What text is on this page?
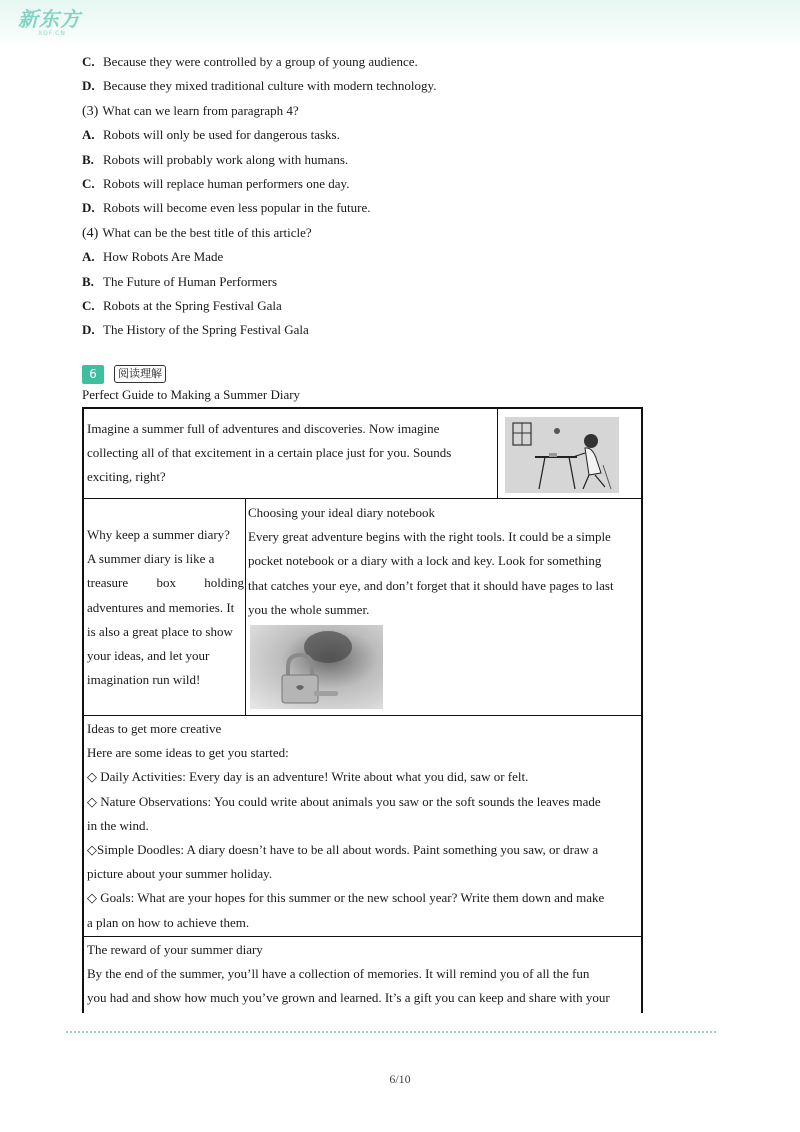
新东方
XDF.CN
C. Because they were controlled by a group of young audience.
D. Because they mixed traditional culture with modern technology.
(3) What can we learn from paragraph 4?
A. Robots will only be used for dangerous tasks.
B. Robots will probably work along with humans.
C. Robots will replace human performers one day.
D. Robots will become even less popular in the future.
(4) What can be the best title of this article?
A. How Robots Are Made
B. The Future of Human Performers
C. Robots at the Spring Festival Gala
D. The History of the Spring Festival Gala
6	阅读理解
Perfect Guide to Making a Summer Diary
Imagine a summer full of adventures and discoveries. Now imagine
collecting all of that excitement in a certain place just for you. Sounds
exciting, right?
Why keep a summer diary?
A summer diary is like a
treasure box holding
adventures and memories. It
is also a great place to show
your ideas, and let your
imagination run wild!
Choosing your ideal diary notebook
Every great adventure begins with the right tools. It could be a simple
pocket notebook or a diary with a lock and key. Look for something
that catches your eye, and don’t forget that it should have pages to last
you the whole summer.
Ideas to get more creative
Here are some ideas to get you started:
◇ Daily Activities: Every day is an adventure! Write about what you did, saw or felt.
◇ Nature Observations: You could write about animals you saw or the soft sounds the leaves made
in the wind.
◇Simple Doodles: A diary doesn’t have to be all about words. Paint something you saw, or draw a
picture about your summer holiday.
◇ Goals: What are your hopes for this summer or the new school year? Write them down and make
a plan on how to achieve them.
The reward of your summer diary
By the end of the summer, you’ll have a collection of memories. It will remind you of all the fun
you had and show how much you’ve grown and learned. It’s a gift you can keep and share with your
6/10
